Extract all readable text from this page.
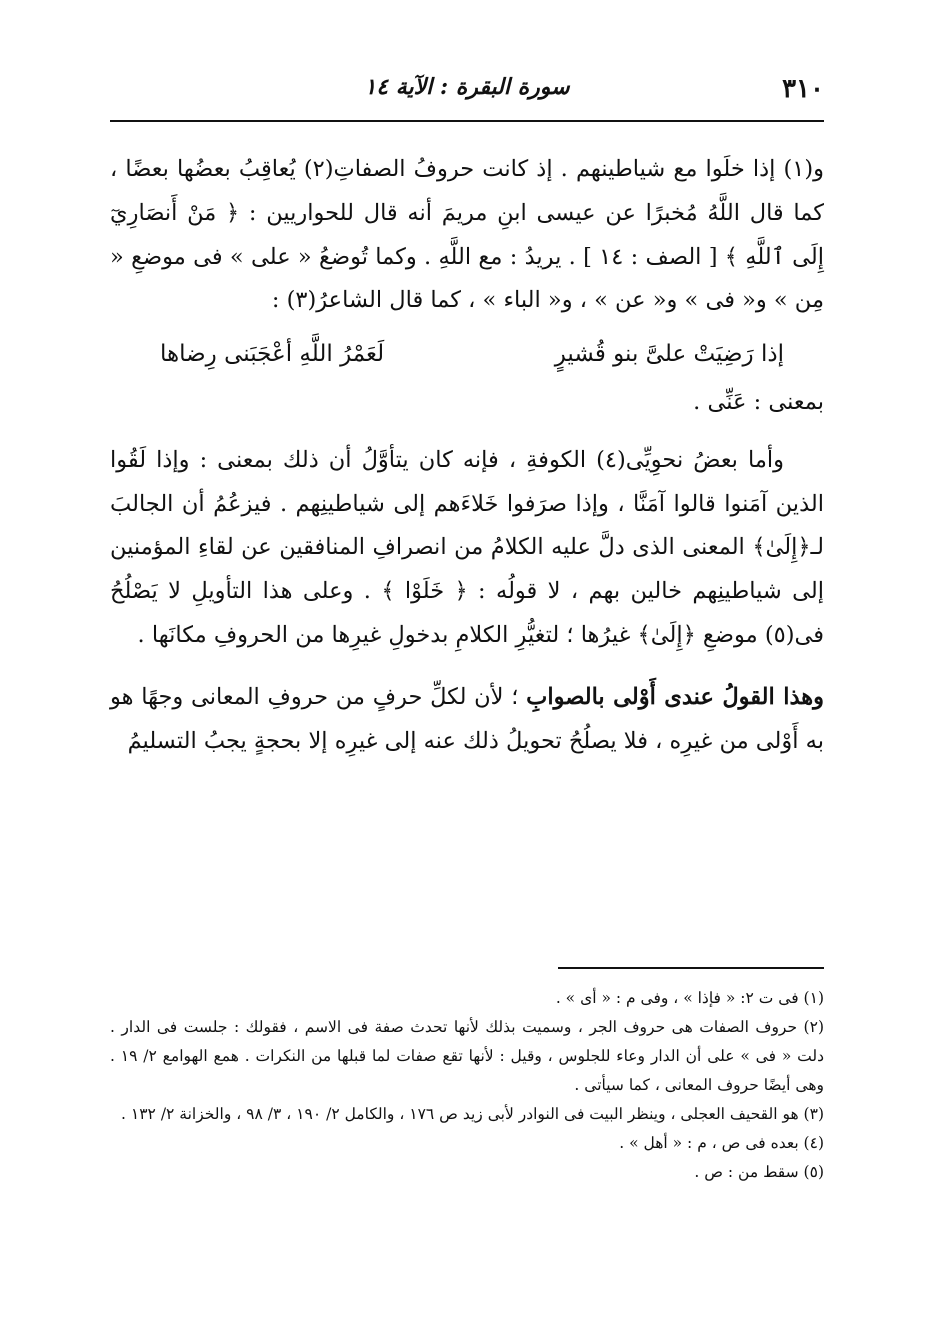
٣١٠
سورة البقرة : الآية ١٤

و(١) إذا خلَوا مع شياطينهم . إذ كانت حروفُ الصفاتِ(٢) يُعاقِبُ بعضُها بعضًا ، كما قال اللَّهُ مُخبرًا عن عيسى ابنِ مريمَ أنه قال للحواريين : ﴿ مَنْ أَنصَارِيٓ إِلَى ٱللَّهِ ﴾ [ الصف : ١٤ ] . يريدُ : مع اللَّهِ . وكما تُوضعُ « على » فى موضعِ « مِن » و« فى » و« عن » ، و« الباء » ، كما قال الشاعرُ(٣) :

إذا رَضِيَتْ علىَّ بنو قُشيرٍ
لَعَمْرُ اللَّهِ أعْجَبَنى رِضاها

بمعنى : عَنِّى .

وأما بعضُ نحوِيِّى(٤) الكوفةِ ، فإنه كان يتأوَّلُ أن ذلك بمعنى : وإذا لَقُوا الذين آمَنوا قالوا آمَنَّا ، وإذا صرَفوا خَلاءَهم إلى شياطينِهم . فيزعُمُ أن الجالبَ لـ﴿إِلَىٰ﴾ المعنى الذى دلَّ عليه الكلامُ من انصرافِ المنافقين عن لقاءِ المؤمنين إلى شياطينِهم خالين بهم ، لا قولُه : ﴿ خَلَوْا ﴾ . وعلى هذا التأويلِ لا يَصْلُحُ فى(٥) موضعِ ﴿إِلَىٰ﴾ غيرُها ؛ لتغيُّرِ الكلامِ بدخولِ غيرِها من الحروفِ مكانَها .

وهذا القولُ عندى أَوْلى بالصوابِ ؛ لأن لكلِّ حرفٍ من حروفِ المعانى وجهًا هو به أَوْلى من غيرِه ، فلا يصلُحُ تحويلُ ذلك عنه إلى غيرِه إلا بحجةٍ يجبُ التسليمُ

(١) فى ت ٢: « فإذا » ، وفى م : « أى » .

(٢) حروف الصفات هى حروف الجر ، وسميت بذلك لأنها تحدث صفة فى الاسم ، فقولك : جلست فى الدار . دلت « فى » على أن الدار وعاء للجلوس ، وقيل : لأنها تقع صفات لما قبلها من النكرات . همع الهوامع ٢/ ١٩ . وهى أيضًا حروف المعانى ، كما سيأتى .

(٣) هو القحيف العجلى ، وينظر البيت فى النوادر لأبى زيد ص ١٧٦ ، والكامل ٢/ ١٩٠ ، ٣/ ٩٨ ، والخزانة ٢/ ١٣٢ .

(٤) بعده فى ص ، م : « أهل » .

(٥) سقط من : ص .
